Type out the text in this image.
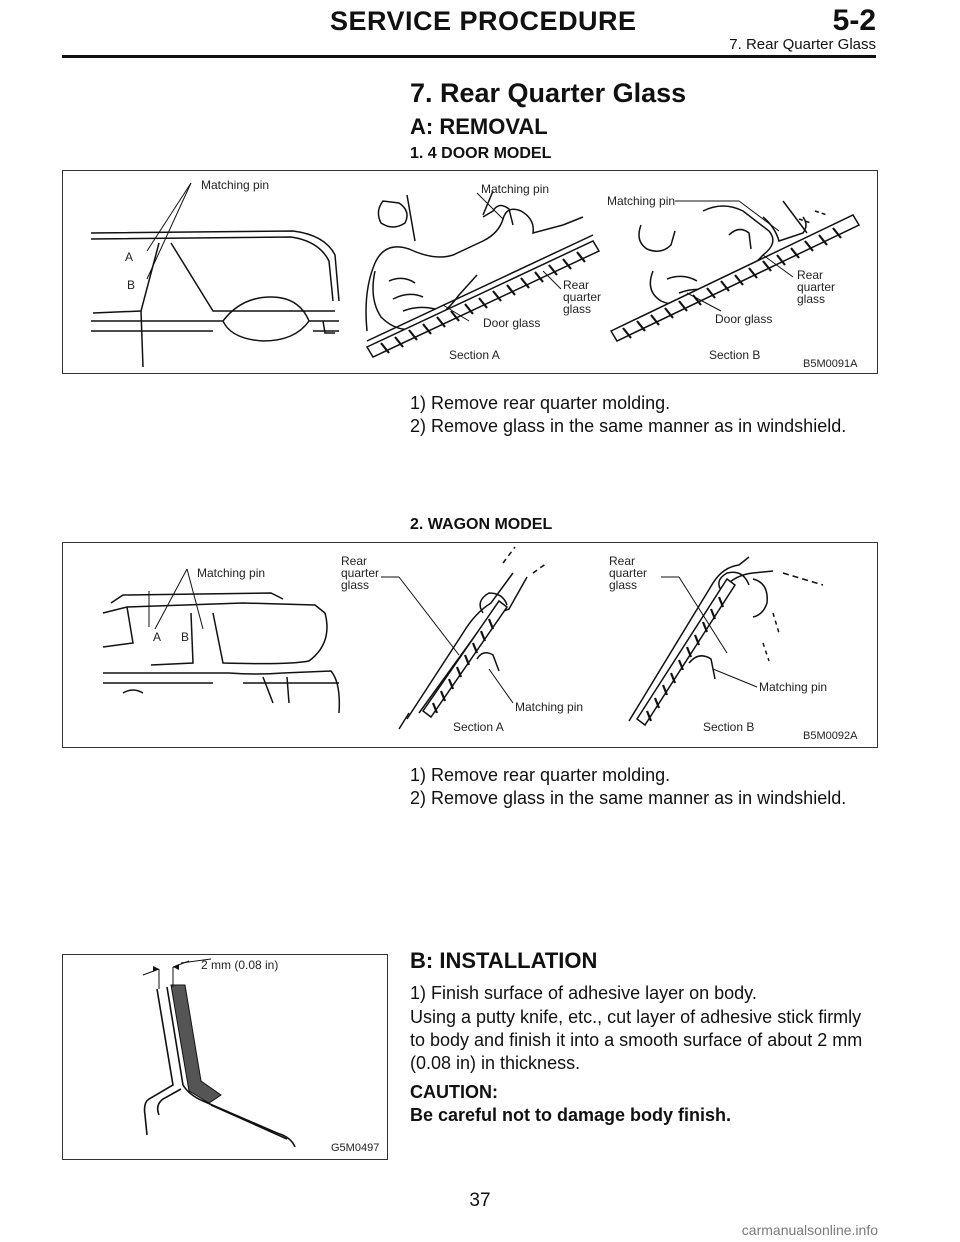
SERVICE PROCEDURE	5-2
7. Rear Quarter Glass
7. Rear Quarter Glass
A: REMOVAL
1. 4 DOOR MODEL
Matching pin
A
B
Matching pin
Rear quarter glass
Door glass
Section A
Matching pin
Rear quarter glass
Door glass
Section B
B5M0091A
1) Remove rear quarter molding.
2) Remove glass in the same manner as in windshield.
2. WAGON MODEL
Matching pin
A B
Rear quarter glass
Matching pin
Section A
Rear quarter glass
Matching pin
Section B
B5M0092A
1) Remove rear quarter molding.
2) Remove glass in the same manner as in windshield.
2 mm (0.08 in)
G5M0497
B: INSTALLATION
1) Finish surface of adhesive layer on body.
Using a putty knife, etc., cut layer of adhesive stick firmly
to body and finish it into a smooth surface of about 2 mm
(0.08 in) in thickness.
CAUTION:
Be careful not to damage body finish.
37
carmanualsonline.info
